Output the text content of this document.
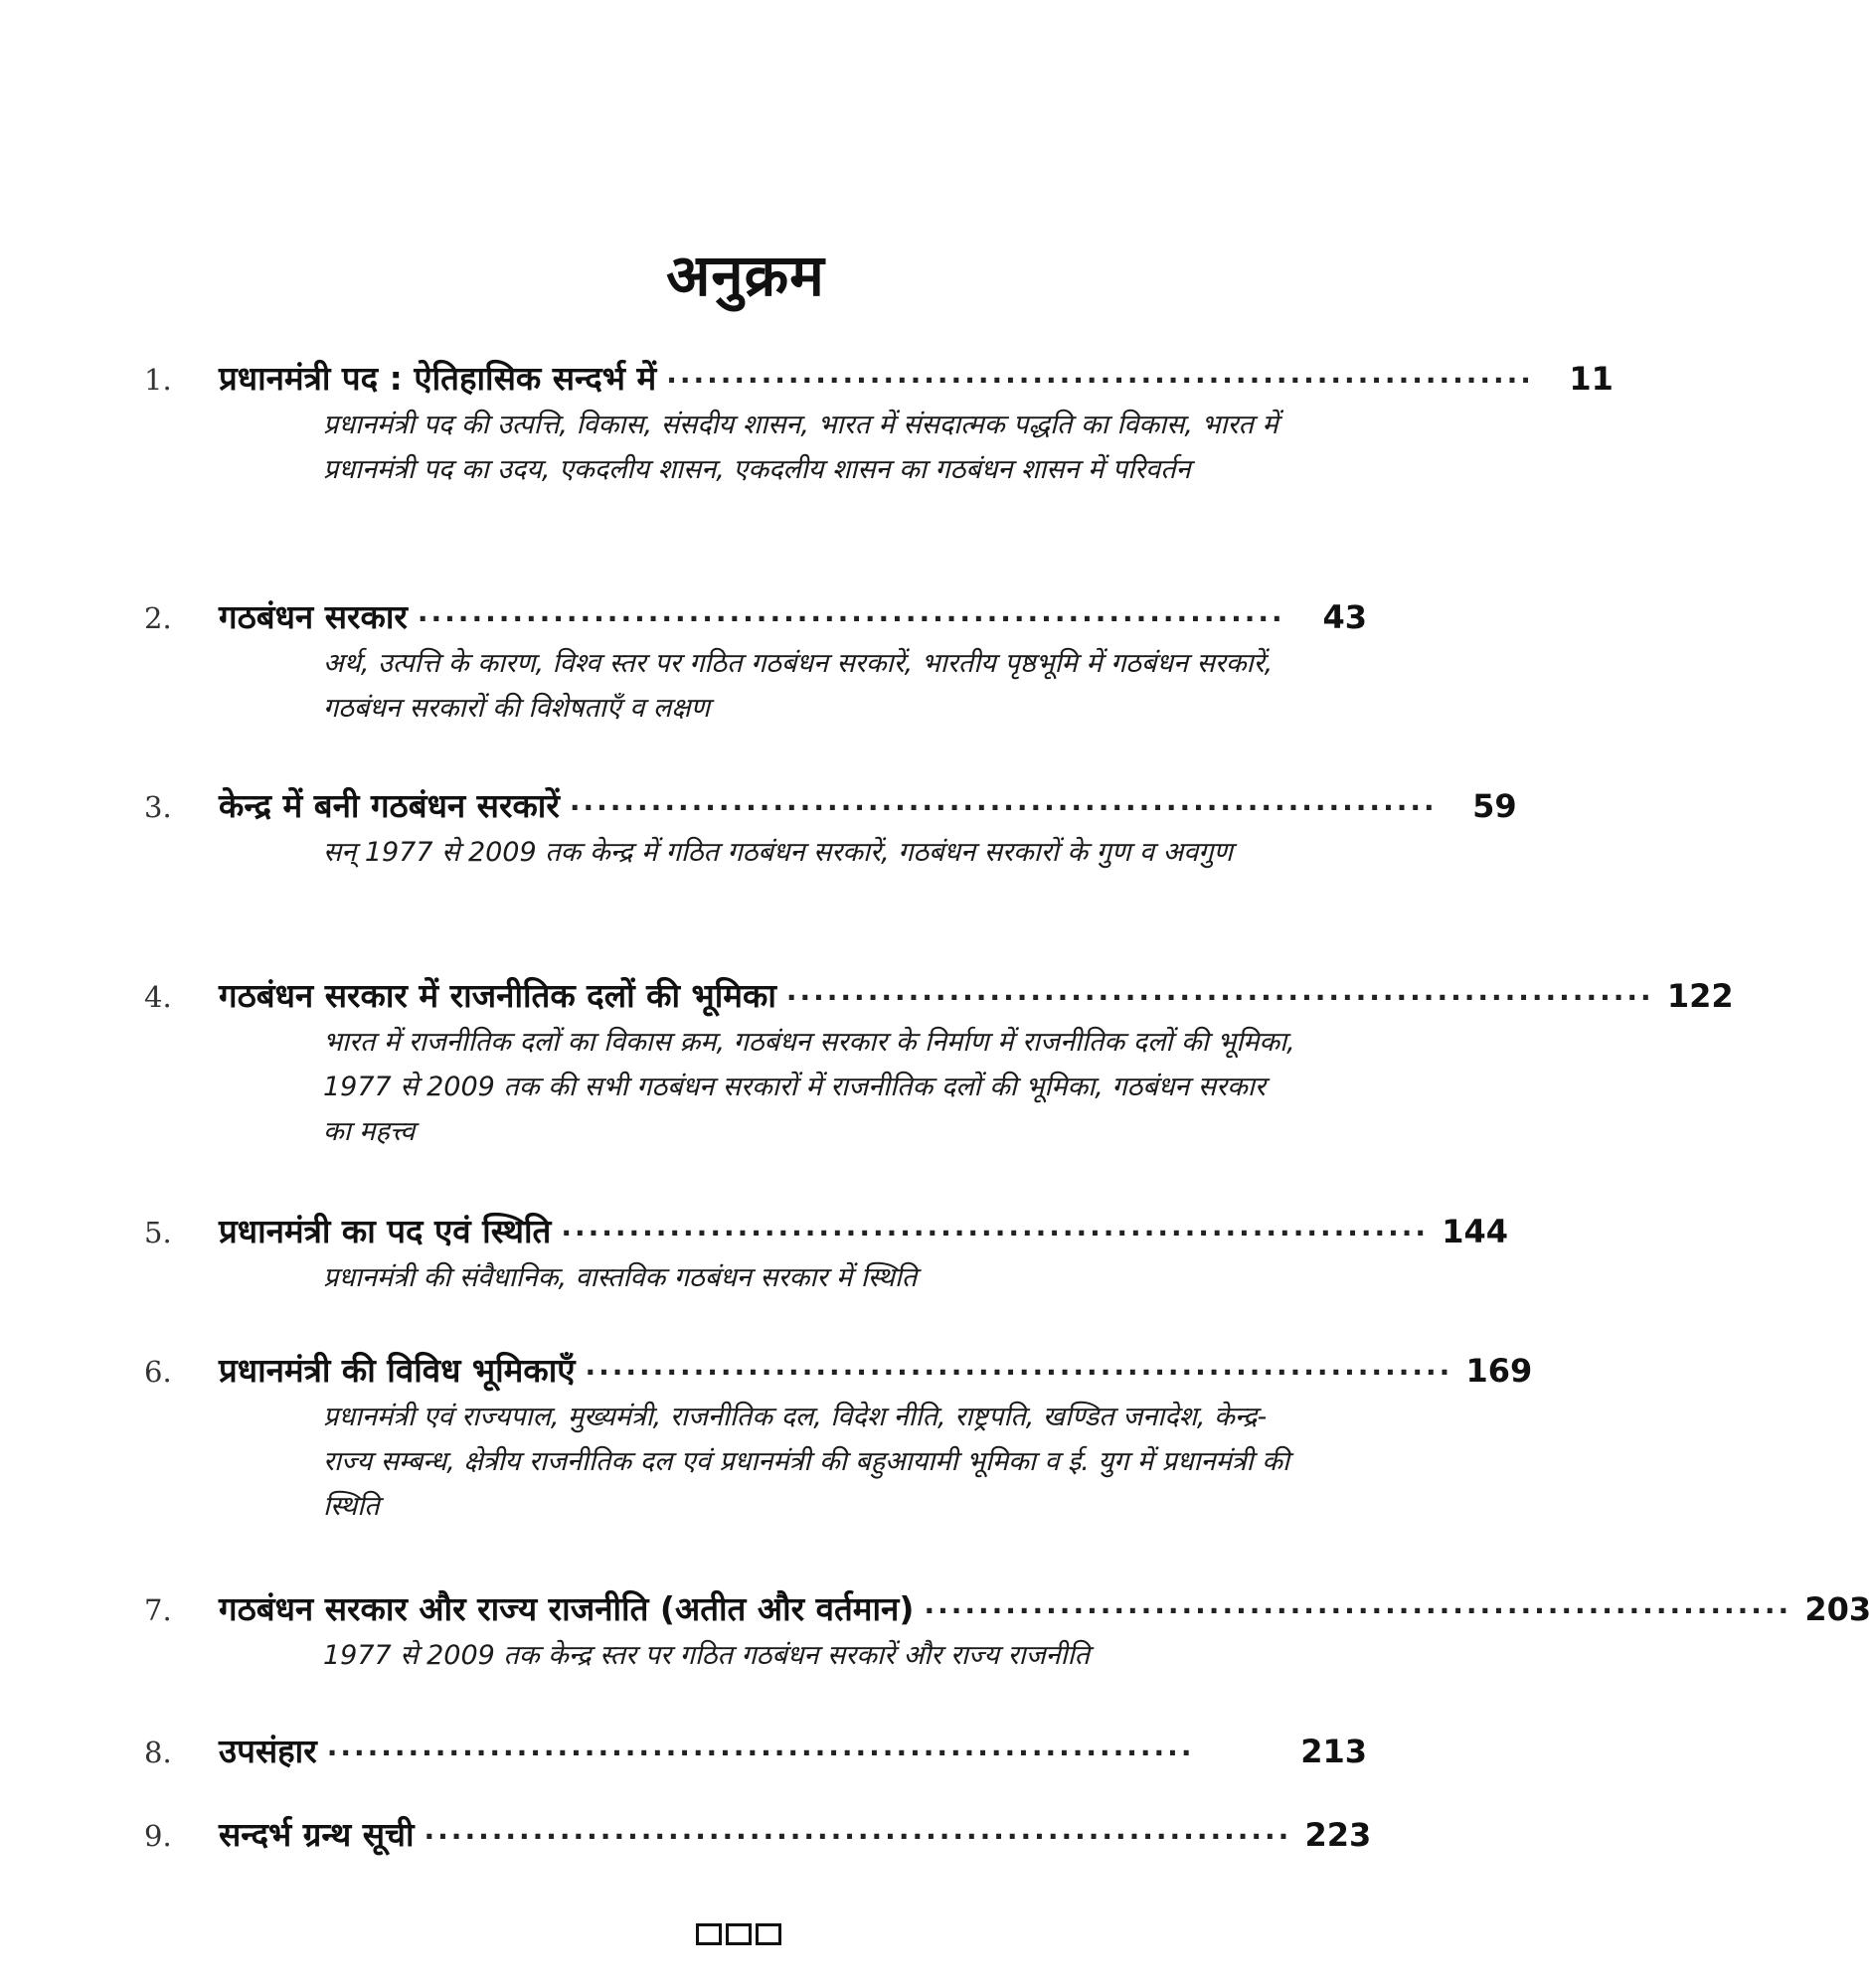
अनुक्रम
1.	प्रधानमंत्री पद : ऐतिहासिक सन्दर्भ में ································································	11
प्रधानमंत्री पद की उत्पत्ति, विकास, संसदीय शासन, भारत में संसदात्मक पद्धति का विकास, भारत में प्रधानमंत्री पद का उदय, एकदलीय शासन, एकदलीय शासन का गठबंधन शासन में परिवर्तन
2.	गठबंधन सरकार ································································	43
अर्थ, उत्पत्ति के कारण, विश्व स्तर पर गठित गठबंधन सरकारें, भारतीय पृष्ठभूमि में गठबंधन सरकारें, गठबंधन सरकारों की विशेषताएँ व लक्षण
3.	केन्द्र में बनी गठबंधन सरकारें ································································	59
सन् 1977 से 2009 तक केन्द्र में गठित गठबंधन सरकारें, गठबंधन सरकारों के गुण व अवगुण
4.	गठबंधन सरकार में राजनीतिक दलों की भूमिका ································································ 122
भारत में राजनीतिक दलों का विकास क्रम, गठबंधन सरकार के निर्माण में राजनीतिक दलों की भूमिका, 1977 से 2009 तक की सभी गठबंधन सरकारों में राजनीतिक दलों की भूमिका, गठबंधन सरकार का महत्त्व
5.	प्रधानमंत्री का पद एवं स्थिति ································································ 144
प्रधानमंत्री की संवैधानिक, वास्तविक गठबंधन सरकार में स्थिति
6.	प्रधानमंत्री की विविध भूमिकाएँ ································································ 169
प्रधानमंत्री एवं राज्यपाल, मुख्यमंत्री, राजनीतिक दल, विदेश नीति, राष्ट्रपति, खण्डित जनादेश, केन्द्र-राज्य सम्बन्ध, क्षेत्रीय राजनीतिक दल एवं प्रधानमंत्री की बहुआयामी भूमिका व ई. युग में प्रधानमंत्री की स्थिति
7.	गठबंधन सरकार और राज्य राजनीति (अतीत और वर्तमान) ································································ 203
1977 से 2009 तक केन्द्र स्तर पर गठित गठबंधन सरकारें और राज्य राजनीति
8.	उपसंहार ································································	213
9.	सन्दर्भ ग्रन्थ सूची ································································ 223
